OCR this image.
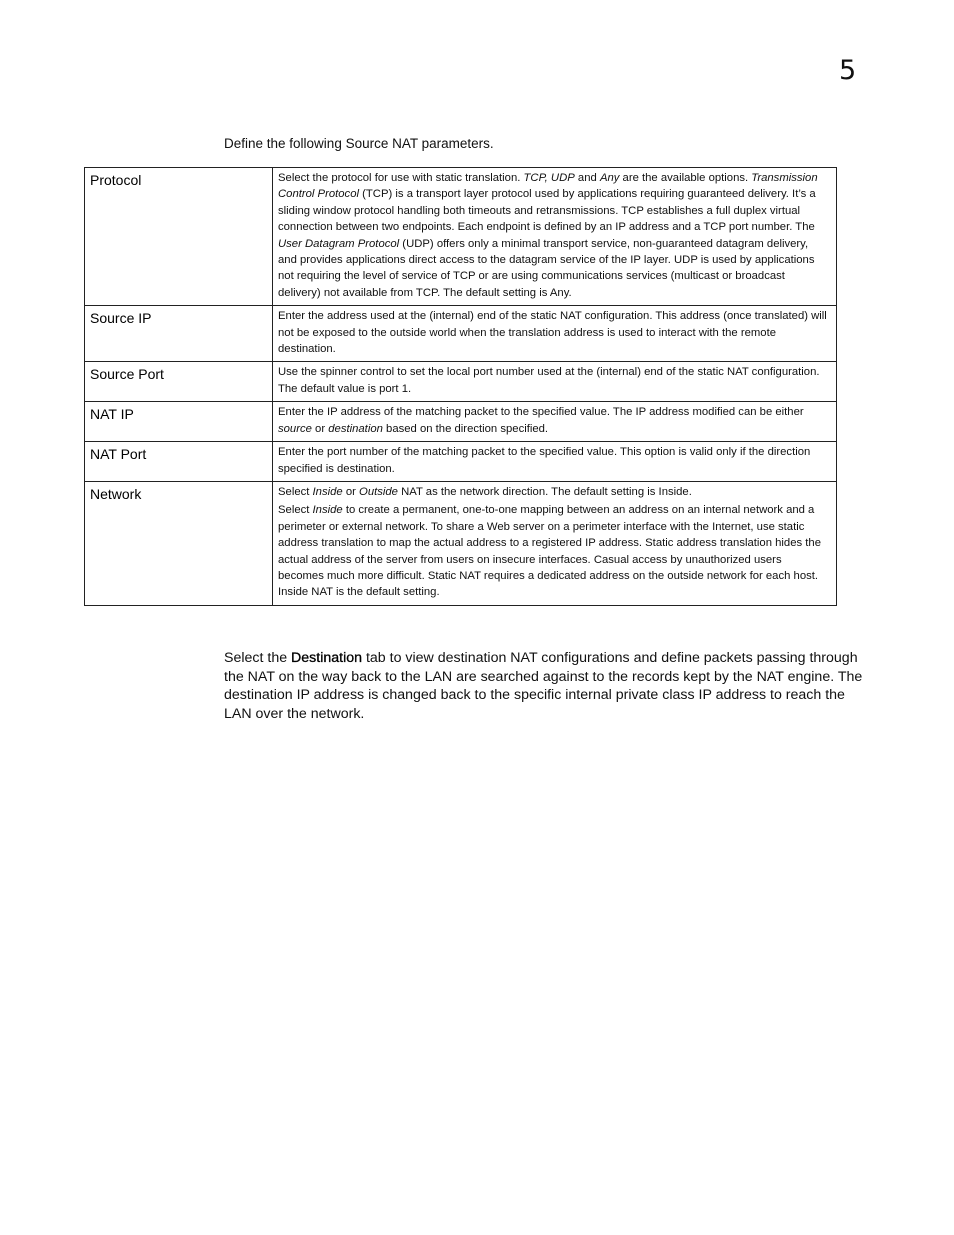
5
Define the following Source NAT parameters.
Protocol	Select the protocol for use with static translation. TCP, UDP and Any are the available options. Transmission Control Protocol (TCP) is a transport layer protocol used by applications requiring guaranteed delivery. It’s a sliding window protocol handling both timeouts and retransmissions. TCP establishes a full duplex virtual connection between two endpoints. Each endpoint is defined by an IP address and a TCP port number. The User Datagram Protocol (UDP) offers only a minimal transport service, non-guaranteed datagram delivery, and provides applications direct access to the datagram service of the IP layer. UDP is used by applications not requiring the level of service of TCP or are using communications services (multicast or broadcast delivery) not available from TCP. The default setting is Any.

Source IP	Enter the address used at the (internal) end of the static NAT configuration. This address (once translated) will not be exposed to the outside world when the translation address is used to interact with the remote destination.

Source Port	Use the spinner control to set the local port number used at the (internal) end of the static NAT configuration. The default value is port 1.

NAT IP	Enter the IP address of the matching packet to the specified value. The IP address modified can be either source or destination based on the direction specified.

NAT Port	Enter the port number of the matching packet to the specified value. This option is valid only if the direction specified is destination.

Network	Select Inside or Outside NAT as the network direction. The default setting is Inside.

Select Inside to create a permanent, one-to-one mapping between an address on an internal network and a perimeter or external network. To share a Web server on a perimeter interface with the Internet, use static address translation to map the actual address to a registered IP address. Static address translation hides the actual address of the server from users on insecure interfaces. Casual access by unauthorized users becomes much more difficult. Static NAT requires a dedicated address on the outside network for each host. Inside NAT is the default setting.

Select the Destination tab to view destination NAT configurations and define packets passing through the NAT on the way back to the LAN are searched against to the records kept by the NAT engine. The destination IP address is changed back to the specific internal private class IP address to reach the LAN over the network.
